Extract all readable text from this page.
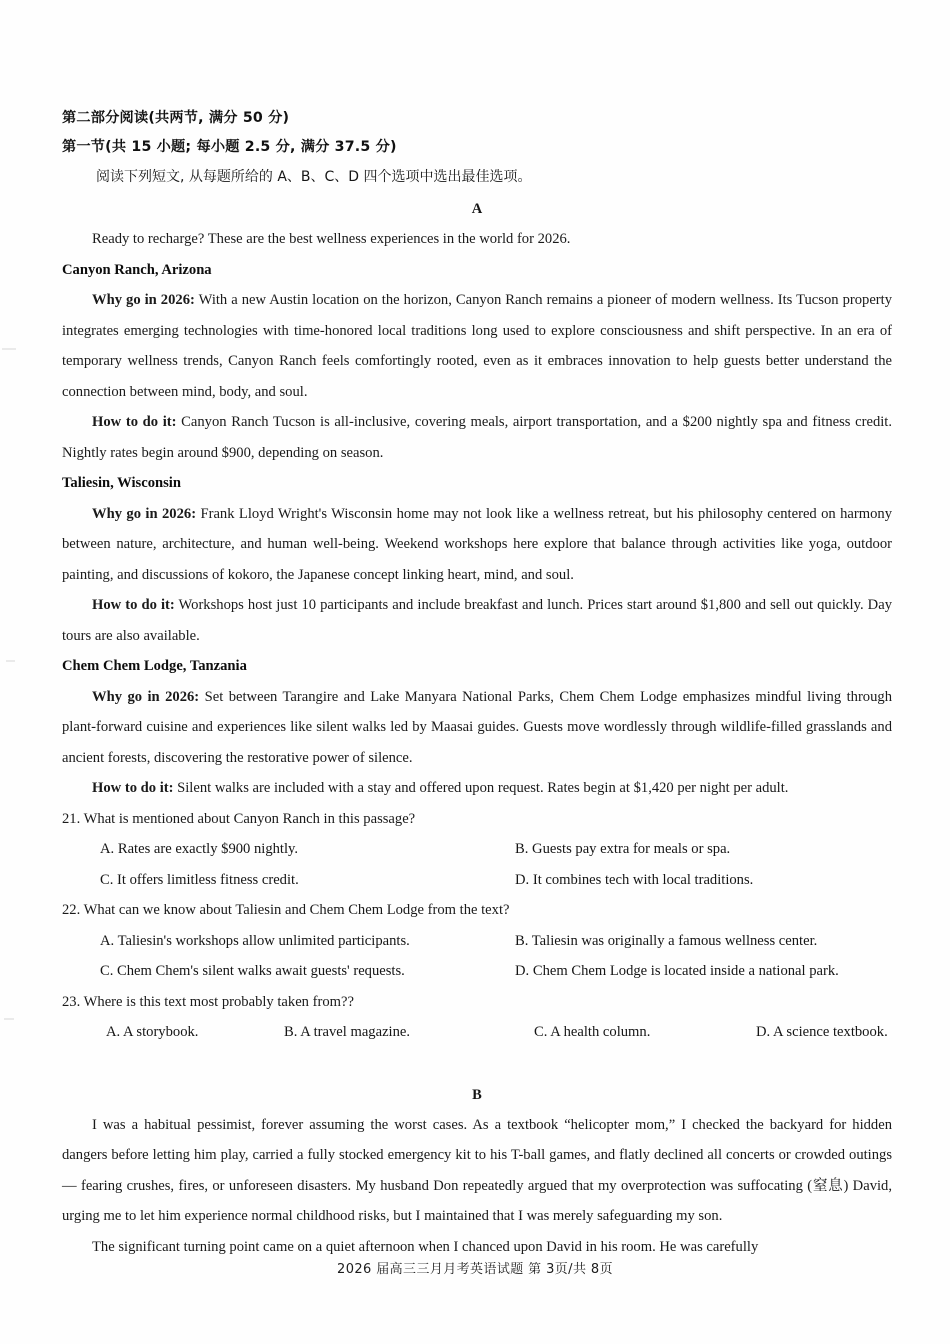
第二部分阅读(共两节, 满分 50 分)
第一节(共 15 小题; 每小题 2.5 分, 满分 37.5 分)
阅读下列短文, 从每题所给的 A、B、C、D 四个选项中选出最佳选项。
A

Ready to recharge? These are the best wellness experiences in the world for 2026.

Canyon Ranch, Arizona

Why go in 2026: With a new Austin location on the horizon, Canyon Ranch remains a pioneer of modern wellness. Its Tucson property integrates emerging technologies with time-honored local traditions long used to explore consciousness and shift perspective. In an era of temporary wellness trends, Canyon Ranch feels comfortingly rooted, even as it embraces innovation to help guests better understand the connection between mind, body, and soul.

How to do it: Canyon Ranch Tucson is all-inclusive, covering meals, airport transportation, and a $200 nightly spa and fitness credit. Nightly rates begin around $900, depending on season.

Taliesin, Wisconsin

Why go in 2026: Frank Lloyd Wright's Wisconsin home may not look like a wellness retreat, but his philosophy centered on harmony between nature, architecture, and human well-being. Weekend workshops here explore that balance through activities like yoga, outdoor painting, and discussions of kokoro, the Japanese concept linking heart, mind, and soul.

How to do it: Workshops host just 10 participants and include breakfast and lunch. Prices start around $1,800 and sell out quickly. Day tours are also available.

Chem Chem Lodge, Tanzania

Why go in 2026: Set between Tarangire and Lake Manyara National Parks, Chem Chem Lodge emphasizes mindful living through plant-forward cuisine and experiences like silent walks led by Maasai guides. Guests move wordlessly through wildlife-filled grasslands and ancient forests, discovering the restorative power of silence.

How to do it: Silent walks are included with a stay and offered upon request. Rates begin at $1,420 per night per adult.

21. What is mentioned about Canyon Ranch in this passage?

A. Rates are exactly $900 nightly.	B. Guests pay extra for meals or spa.
C. It offers limitless fitness credit.	D. It combines tech with local traditions.

22. What can we know about Taliesin and Chem Chem Lodge from the text?

A. Taliesin's workshops allow unlimited participants.	B. Taliesin was originally a famous wellness center.
C. Chem Chem's silent walks await guests' requests.	D. Chem Chem Lodge is located inside a national park.

23. Where is this text most probably taken from??

A. A storybook.	B. A travel magazine.	C. A health column.	D. A science textbook.
B

I was a habitual pessimist, forever assuming the worst cases. As a textbook “helicopter mom,” I checked the backyard for hidden dangers before letting him play, carried a fully stocked emergency kit to his T-ball games, and flatly declined all concerts or crowded outings — fearing crushes, fires, or unforeseen disasters. My husband Don repeatedly argued that my overprotection was suffocating (窒息) David, urging me to let him experience normal childhood risks, but I maintained that I was merely safeguarding my son.

The significant turning point came on a quiet afternoon when I chanced upon David in his room. He was carefully

2026 届高三三月月考英语试题 第 3页/共 8页
